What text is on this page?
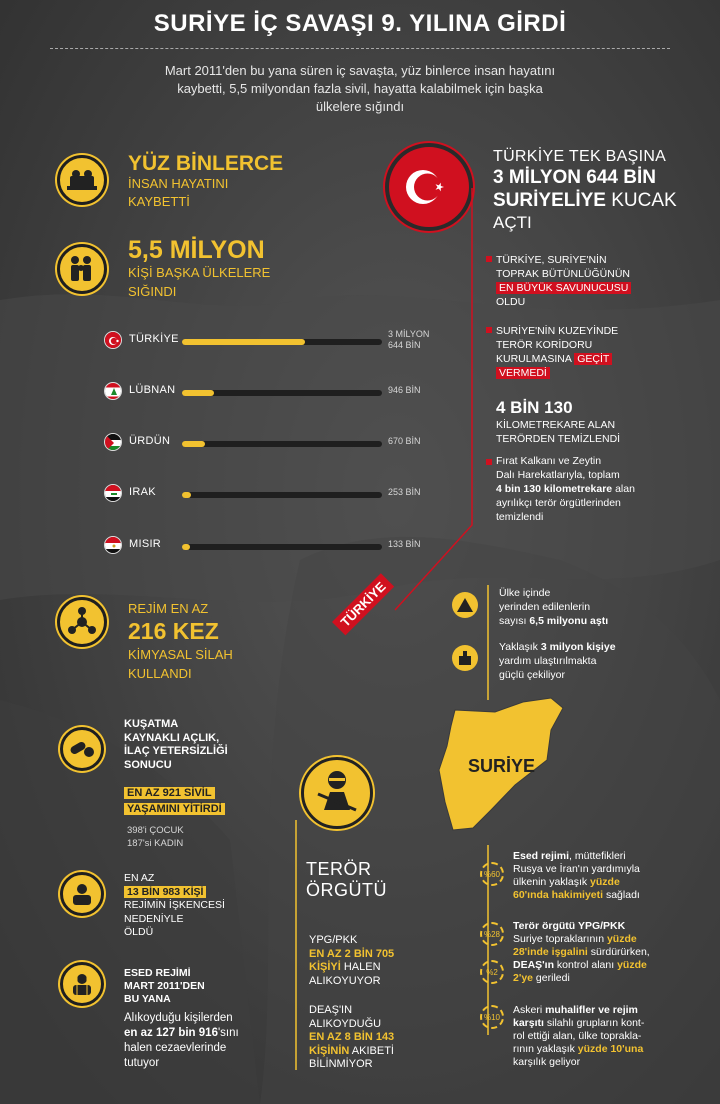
SURİYE İÇ SAVAŞI 9. YILINA GİRDİ
Mart 2011'den bu yana süren iç savaşta, yüz binlerce insan hayatını
kaybetti, 5,5 milyondan fazla sivil, hayatta kalabilmek için başka
ülkelere sığındı
YÜZ BİNLERCE
İNSAN HAYATINI
KAYBETTİ
5,5 MİLYON
KİŞİ BAŞKA ÜLKELERE
SIĞINDI
TÜRKİYE	3 MİLYON
644 BİN
LÜBNAN	946 BİN
ÜRDÜN	670 BİN
IRAK	253 BİN
MISIR	133 BİN
TÜRKİYE TEK BAŞINA
3 MİLYON 644 BİN
SURİYELİYE KUCAK
AÇTI
TÜRKİYE, SURİYE'NİN
TOPRAK BÜTÜNLÜĞÜNÜN
EN BÜYÜK SAVUNUCUSU
OLDU
SURİYE'NİN KUZEYİNDE
TERÖR KORİDORU
KURULMASINA GEÇİT
VERMEDİ
4 BİN 130
KİLOMETREKARE ALAN
TERÖRDEN TEMİZLENDİ
Fırat Kalkanı ve Zeytin
Dalı Harekatlarıyla, toplam
4 bin 130 kilometrekare alan
ayrılıkçı terör örgütlerinden
temizlendi
TÜRKİYE	Ülke içinde
yerinden edilenlerin
sayısı 6,5 milyonu aştı
Yaklaşık 3 milyon kişiye
yardım ulaştırılmakta
güçlü çekiliyor
REJİM EN AZ
216 KEZ
KİMYASAL SİLAH
KULLANDI
KUŞATMA
KAYNAKLI AÇLIK,
İLAÇ YETERSİZLİĞİ
SONUCU
EN AZ 921 SİVİL
YAŞAMINI YİTİRDİ
398'i ÇOCUK
187'si KADIN
EN AZ
13 BİN 983 KİŞİ
REJİMİN İŞKENCESİ
NEDENİYLE
ÖLDÜ
ESED REJİMİ
MART 2011'DEN
BU YANA
Alıkoyduğu kişilerden
en az 127 bin 916'sını
halen cezaevlerinde
tutuyor
TERÖR
ÖRGÜTÜ
YPG/PKK
EN AZ 2 BİN 705
KİŞİYİ HALEN
ALIKOYUYOR
DEAŞ'IN
ALIKOYDUĞU
EN AZ 8 BİN 143
KİŞİNİN AKIBETİ
BİLİNMİYOR
SURİYE
%60
Esed rejimi, müttefikleri
Rusya ve İran'ın yardımıyla
ülkenin yaklaşık yüzde
60'ında hakimiyeti sağladı
%28
%2
Terör örgütü YPG/PKK
Suriye topraklarının yüzde
28'inde işgalini sürdürürken,
DEAŞ'ın kontrol alanı yüzde
2'ye geriledi
%10
Askeri muhalifler ve rejim
karşıtı silahlı grupların kont-
rol ettiği alan, ülke toprakla-
rının yaklaşık yüzde 10'una
karşılık geliyor
